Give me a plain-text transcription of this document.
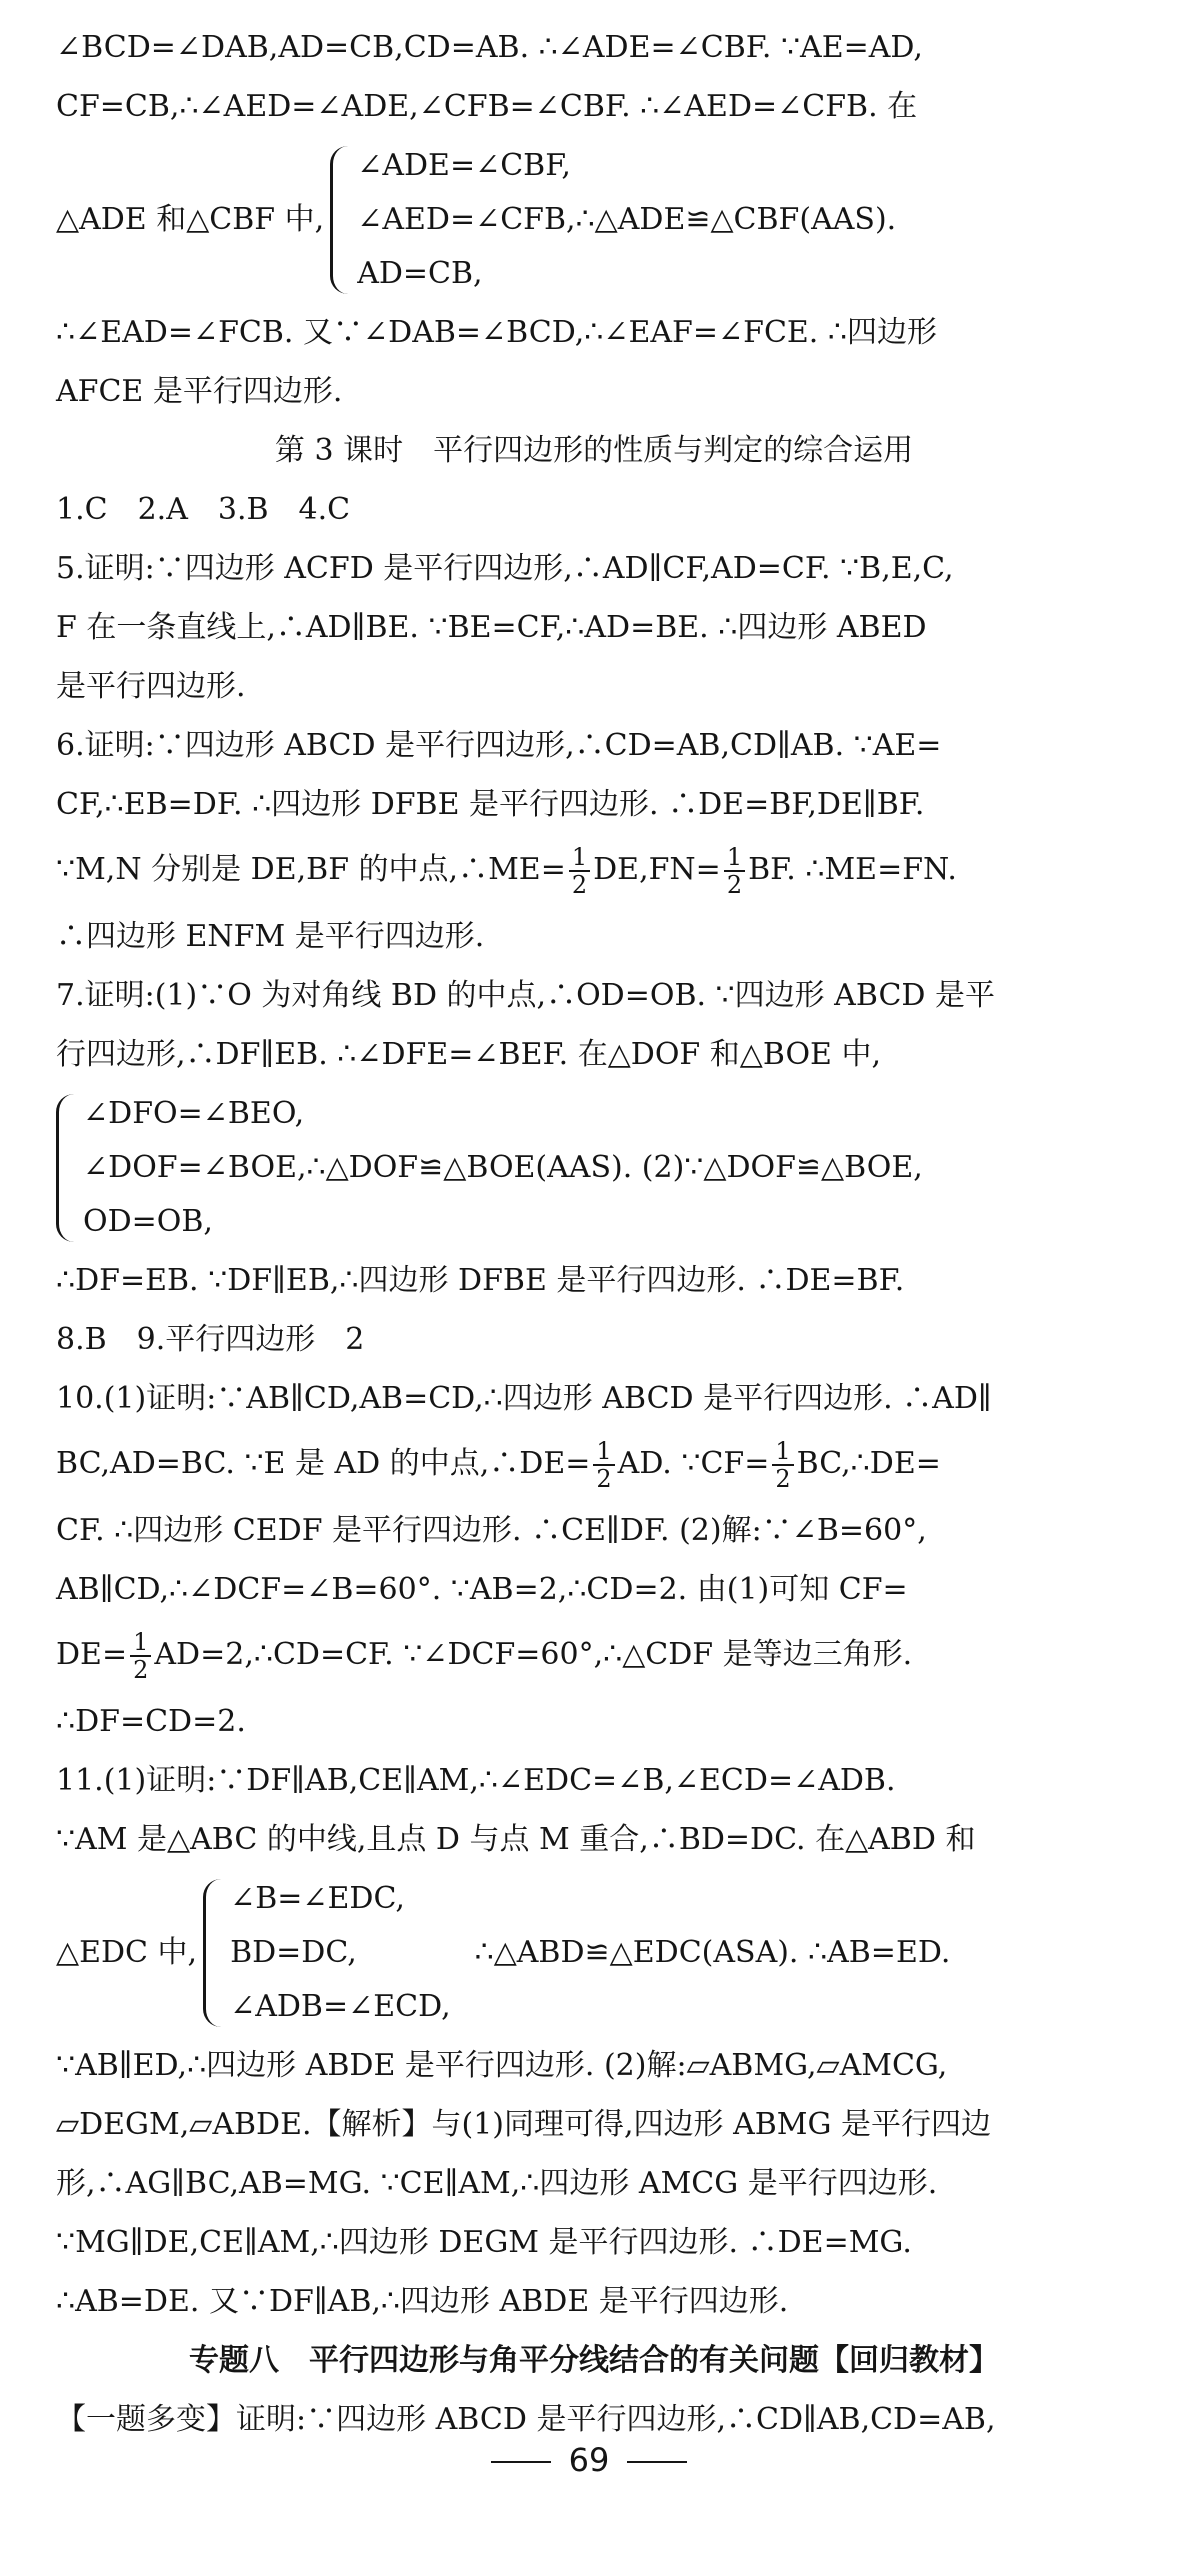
∠BCD=∠DAB,AD=CB,CD=AB. ∴∠ADE=∠CBF. ∵AE=AD,
CF=CB,∴∠AED=∠ADE,∠CFB=∠CBF. ∴∠AED=∠CFB. 在
△ADE 和△CBF 中,
∠ADE=∠CBF,
∠AED=∠CFB,∴△ADE≌△CBF(AAS).
AD=CB,
∴∠EAD=∠FCB. 又∵∠DAB=∠BCD,∴∠EAF=∠FCE. ∴四边形
AFCE 是平行四边形.
第 3 课时　平行四边形的性质与判定的综合运用
1.C　2.A　3.B　4.C
5.证明:∵四边形 ACFD 是平行四边形,∴AD∥CF,AD=CF. ∵B,E,C,
F 在一条直线上,∴AD∥BE. ∵BE=CF,∴AD=BE. ∴四边形 ABED
是平行四边形.
6.证明:∵四边形 ABCD 是平行四边形,∴CD=AB,CD∥AB. ∵AE=
CF,∴EB=DF. ∴四边形 DFBE 是平行四边形. ∴DE=BF,DE∥BF.
∵M,N 分别是 DE,BF 的中点,∴ME= $\frac{1}{2} DE,FN= \frac{1}{2}$ BF. ∴ME=FN.
∴四边形 ENFM 是平行四边形.
7.证明:(1)∵O 为对角线 BD 的中点,∴OD=OB. ∵四边形 ABCD 是平
行四边形,∴DF∥EB. ∴∠DFE=∠BEF. 在△DOF 和△BOE 中,
∠DFO=∠BEO,
∠DOF=∠BOE,∴△DOF≌△BOE(AAS). (2)∵△DOF≌△BOE,
OD=OB,
∴DF=EB. ∵DF∥EB,∴四边形 DFBE 是平行四边形. ∴DE=BF.
8.B　9.平行四边形　2
10.(1)证明:∵AB∥CD,AB=CD,∴四边形 ABCD 是平行四边形. ∴AD∥
BC,AD=BC. ∵E 是 AD 的中点,∴DE= $\frac{1}{2}$ AD. ∵CF= $\frac{1}{2}$ BC,∴DE=
CF. ∴四边形 CEDF 是平行四边形. ∴CE∥DF. (2)解:∵∠B=60°,
AB∥CD,∴∠DCF=∠B=60°. ∵AB=2,∴CD=2. 由(1)可知 CF=
$DE= \frac{1}{2}$ AD=2,∴CD=CF. ∵∠DCF=60°,∴△CDF 是等边三角形.
∴DF=CD=2.
11.(1)证明:∵DF∥AB,CE∥AM,∴∠EDC=∠B,∠ECD=∠ADB.
∵AM 是△ABC 的中线,且点 D 与点 M 重合,∴BD=DC. 在△ABD 和
△EDC 中,
∠B=∠EDC,
BD=DC,
∠ADB=∠ECD,
∴△ABD≌△EDC(ASA). ∴AB=ED.
∵AB∥ED,∴四边形 ABDE 是平行四边形. (2)解:▱ABMG,▱AMCG,
▱DEGM,▱ABDE.【解析】与(1)同理可得,四边形 ABMG 是平行四边
形,∴AG∥BC,AB=MG. ∵CE∥AM,∴四边形 AMCG 是平行四边形.
∵MG∥DE,CE∥AM,∴四边形 DEGM 是平行四边形. ∴DE=MG.
∴AB=DE. 又∵DF∥AB,∴四边形 ABDE 是平行四边形.
专题八　平行四边形与角平分线结合的有关问题【回归教材】
【一题多变】证明:∵四边形 ABCD 是平行四边形,∴CD∥AB,CD=AB,
69
